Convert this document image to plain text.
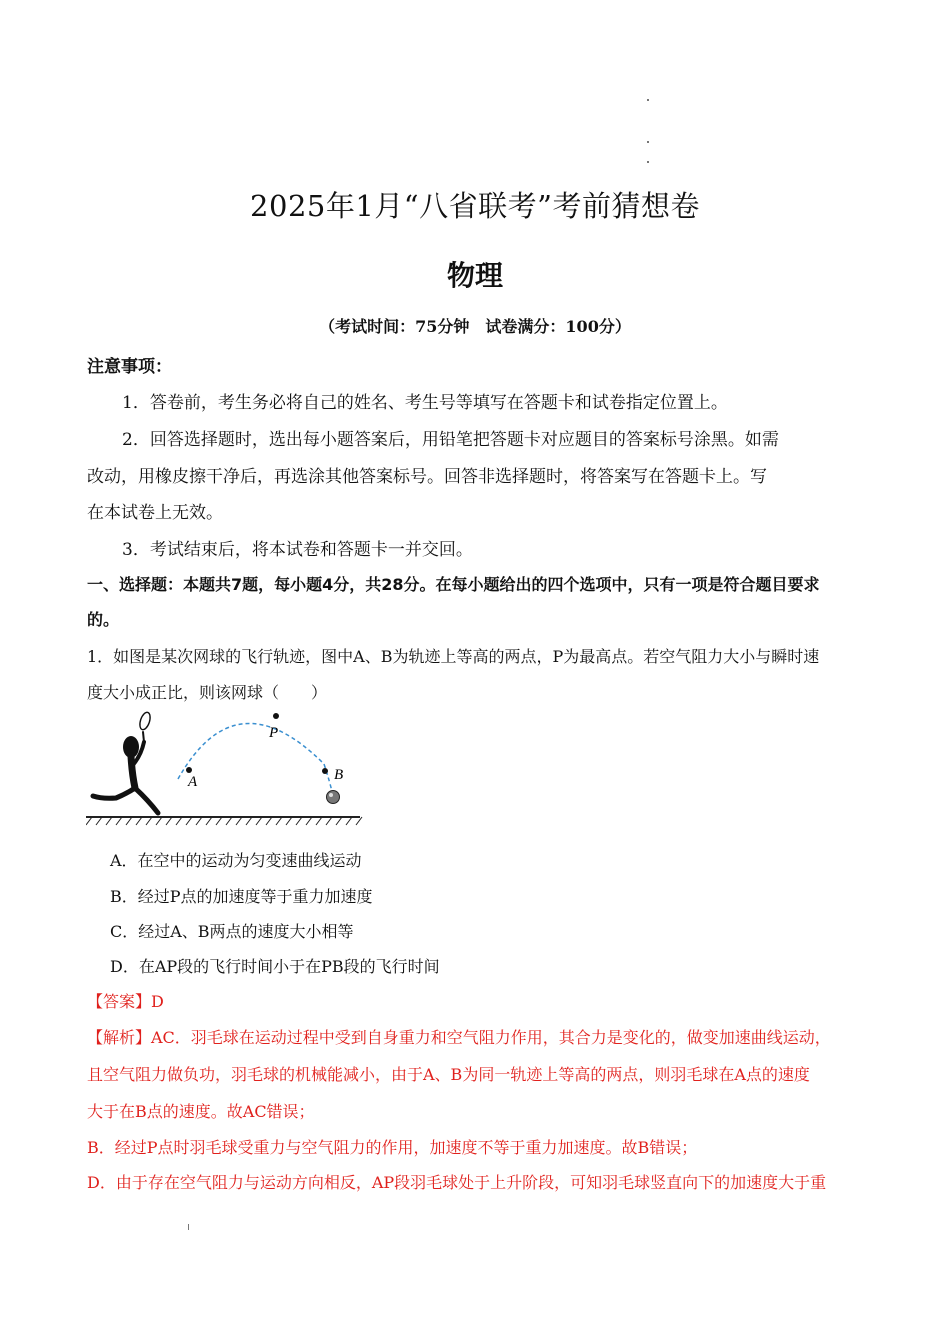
2025年1月“八省联考”考前猜想卷
物理
（考试时间：75分钟　试卷满分：100分）
注意事项：
1．答卷前，考生务必将自己的姓名、考生号等填写在答题卡和试卷指定位置上。
2．回答选择题时，选出每小题答案后，用铅笔把答题卡对应题目的答案标号涂黑。如需
改动，用橡皮擦干净后，再选涂其他答案标号。回答非选择题时，将答案写在答题卡上。写
在本试卷上无效。
3．考试结束后，将本试卷和答题卡一并交回。
一、选择题：本题共7题，每小题4分，共28分。在每小题给出的四个选项中，只有一项是符合题目要求
的。
1．如图是某次网球的飞行轨迹，图中A、B为轨迹上等高的两点，P为最高点。若空气阻力大小与瞬时速
度大小成正比，则该网球（　　）
A
P
B
A．在空中的运动为匀变速曲线运动
B．经过P点的加速度等于重力加速度
C．经过A、B两点的速度大小相等
D．在AP段的飞行时间小于在PB段的飞行时间
【答案】D
【解析】AC．羽毛球在运动过程中受到自身重力和空气阻力作用，其合力是变化的，做变加速曲线运动，
且空气阻力做负功，羽毛球的机械能减小，由于A、B为同一轨迹上等高的两点，则羽毛球在A点的速度
大于在B点的速度。故AC错误；
B．经过P点时羽毛球受重力与空气阻力的作用，加速度不等于重力加速度。故B错误；
D．由于存在空气阻力与运动方向相反，AP段羽毛球处于上升阶段，可知羽毛球竖直向下的加速度大于重
